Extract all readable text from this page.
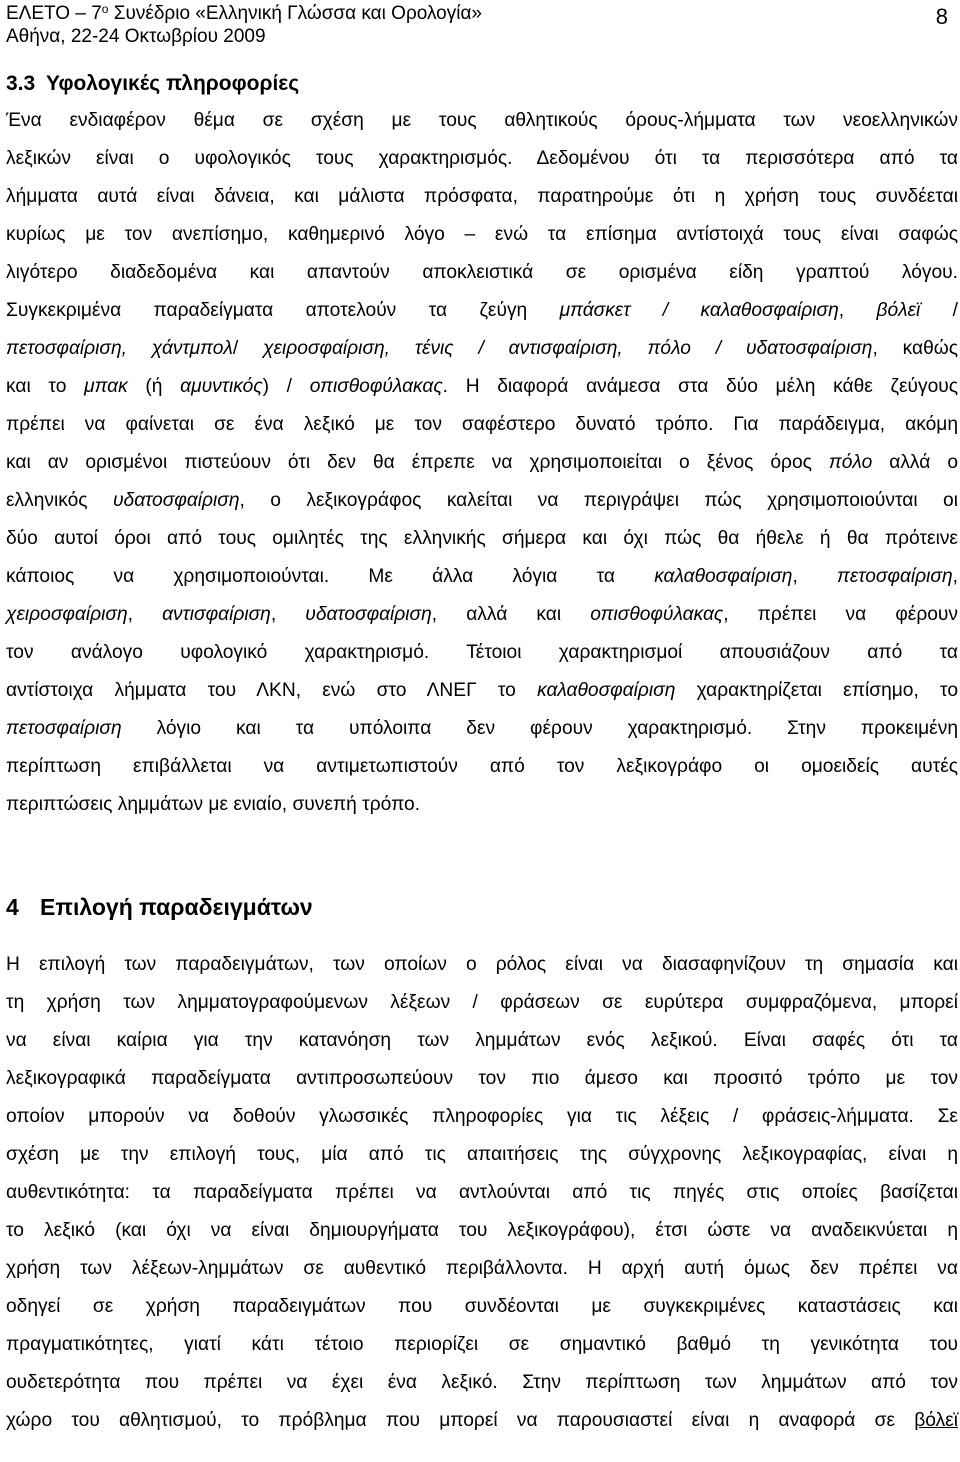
ΕΛΕΤΟ – $7^o$ Συνέδριο «Ελληνική Γλώσσα και Ορολογία»
Αθήνα, 22-24 Οκτωβρίου 2009
8
3.3 Υφολογικές πληροφορίες
Ένα ενδιαφέρον θέμα σε σχέση με τους αθλητικούς όρους-λήμματα των νεοελληνικών
λεξικών είναι ο υφολογικός τους χαρακτηρισμός. Δεδομένου ότι τα περισσότερα από τα
λήμματα αυτά είναι δάνεια, και μάλιστα πρόσφατα, παρατηρούμε ότι η χρήση τους συνδέεται
κυρίως με τον ανεπίσημο, καθημερινό λόγο – ενώ τα επίσημα αντίστοιχά τους είναι σαφώς
λιγότερο διαδεδομένα και απαντούν αποκλειστικά σε ορισμένα είδη γραπτού λόγου.
Συγκεκριμένα παραδείγματα αποτελούν τα ζεύγη μπάσκετ / καλαθοσφαίριση, βόλεϊ /
πετοσφαίριση, χάντμπολ/ χειροσφαίριση, τένις / αντισφαίριση, πόλο / υδατοσφαίριση, καθώς
και το μπακ (ή αμυντικός) / οπισθοφύλακας. Η διαφορά ανάμεσα στα δύο μέλη κάθε ζεύγους
πρέπει να φαίνεται σε ένα λεξικό με τον σαφέστερο δυνατό τρόπο. Για παράδειγμα, ακόμη
και αν ορισμένοι πιστεύουν ότι δεν θα έπρεπε να χρησιμοποιείται ο ξένος όρος πόλο αλλά ο
ελληνικός υδατοσφαίριση, ο λεξικογράφος καλείται να περιγράψει πώς χρησιμοποιούνται οι
δύο αυτοί όροι από τους ομιλητές της ελληνικής σήμερα και όχι πώς θα ήθελε ή θα πρότεινε
κάποιος να χρησιμοποιούνται. Με άλλα λόγια τα καλαθοσφαίριση, πετοσφαίριση,
χειροσφαίριση, αντισφαίριση, υδατοσφαίριση, αλλά και οπισθοφύλακας, πρέπει να φέρουν
τον ανάλογο υφολογικό χαρακτηρισμό. Τέτοιοι χαρακτηρισμοί απουσιάζουν από τα
αντίστοιχα λήμματα του ΛΚΝ, ενώ στο ΛΝΕΓ το καλαθοσφαίριση χαρακτηρίζεται επίσημο, το
πετοσφαίριση λόγιο και τα υπόλοιπα δεν φέρουν χαρακτηρισμό. Στην προκειμένη
περίπτωση επιβάλλεται να αντιμετωπιστούν από τον λεξικογράφο οι ομοειδείς αυτές
περιπτώσεις λημμάτων με ενιαίο, συνεπή τρόπο.
4 Επιλογή παραδειγμάτων
Η επιλογή των παραδειγμάτων, των οποίων ο ρόλος είναι να διασαφηνίζουν τη σημασία και
τη χρήση των λημματογραφούμενων λέξεων / φράσεων σε ευρύτερα συμφραζόμενα, μπορεί
να είναι καίρια για την κατανόηση των λημμάτων ενός λεξικού. Είναι σαφές ότι τα
λεξικογραφικά παραδείγματα αντιπροσωπεύουν τον πιο άμεσο και προσιτό τρόπο με τον
οποίον μπορούν να δοθούν γλωσσικές πληροφορίες για τις λέξεις / φράσεις-λήμματα. Σε
σχέση με την επιλογή τους, μία από τις απαιτήσεις της σύγχρονης λεξικογραφίας, είναι η
αυθεντικότητα: τα παραδείγματα πρέπει να αντλούνται από τις πηγές στις οποίες βασίζεται
το λεξικό (και όχι να είναι δημιουργήματα του λεξικογράφου), έτσι ώστε να αναδεικνύεται η
χρήση των λέξεων-λημμάτων σε αυθεντικό περιβάλλοντα. Η αρχή αυτή όμως δεν πρέπει να
οδηγεί σε χρήση παραδειγμάτων που συνδέονται με συγκεκριμένες καταστάσεις και
πραγματικότητες, γιατί κάτι τέτοιο περιορίζει σε σημαντικό βαθμό τη γενικότητα του
ουδετερότητα που πρέπει να έχει ένα λεξικό. Στην περίπτωση των λημμάτων από τον
χώρο του αθλητισμού, το πρόβλημα που μπορεί να παρουσιαστεί είναι η αναφορά σε βόλεϊ
